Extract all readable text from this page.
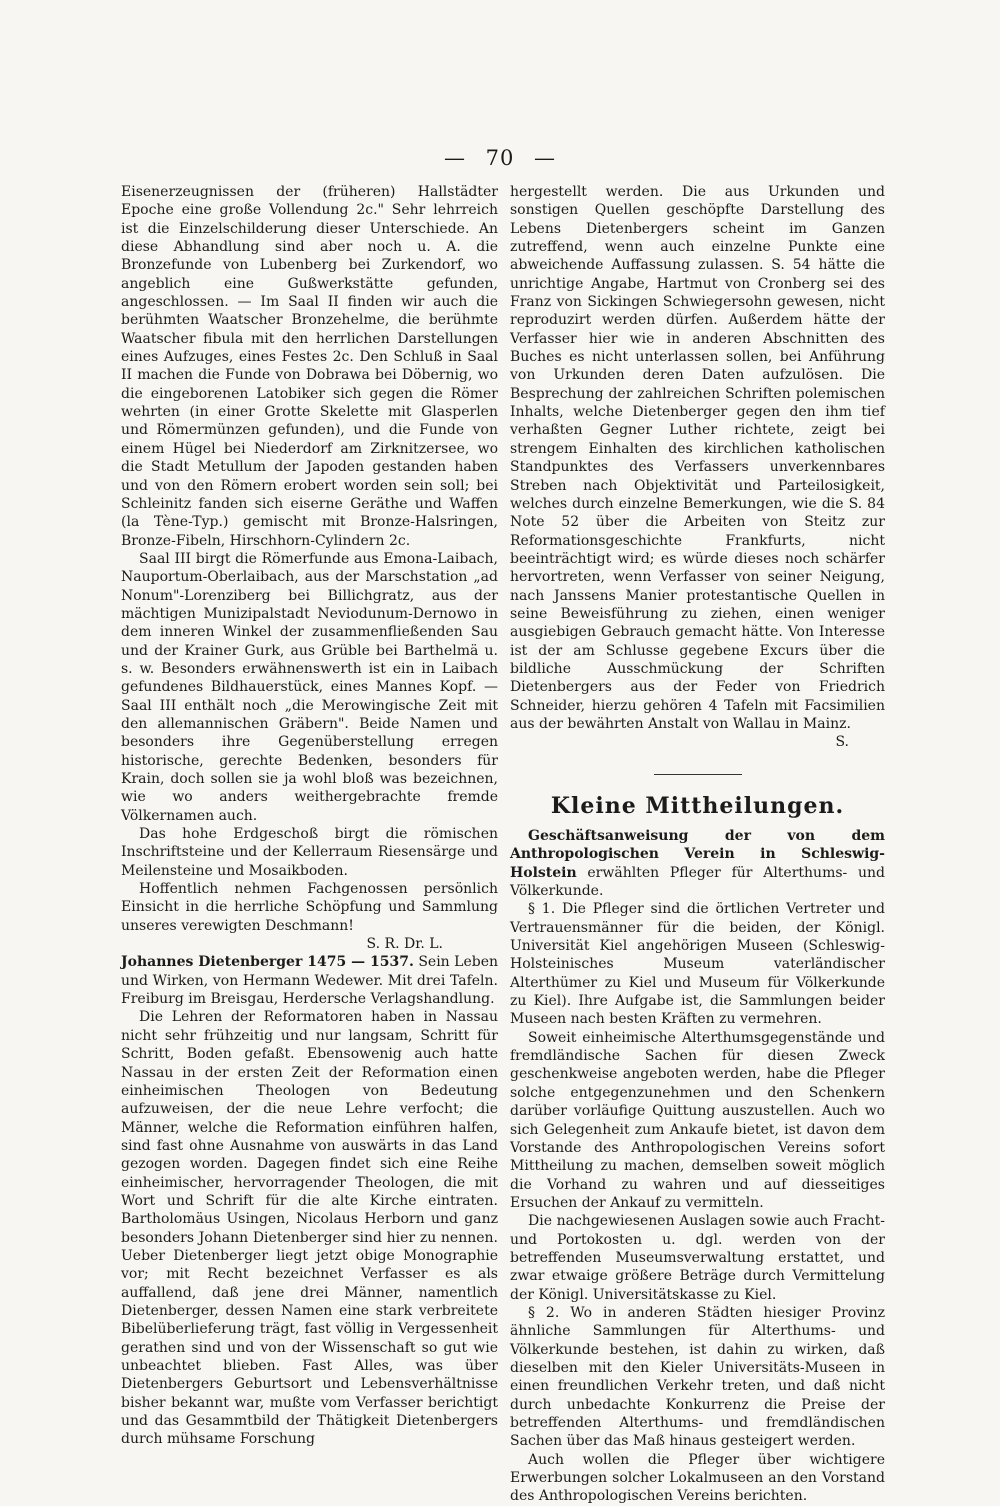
— 70 —

Eisenerzeugnissen der (früheren) Hallstädter Epoche eine große Vollendung 2c." Sehr lehrreich ist die Einzelschilderung dieser Unterschiede. An diese Abhandlung sind aber noch u. A. die Bronzefunde von Lubenberg bei Zurkendorf, wo angeblich eine Gußwerkstätte gefunden, angeschlossen. — Im Saal II finden wir auch die berühmten Waatscher Bronzehelme, die berühmte Waatscher fibula mit den herrlichen Darstellungen eines Aufzuges, eines Festes 2c. Den Schluß in Saal II machen die Funde von Dobrawa bei Döbernig, wo die eingeborenen Latobiker sich gegen die Römer wehrten (in einer Grotte Skelette mit Glasperlen und Römermünzen gefunden), und die Funde von einem Hügel bei Niederdorf am Zirknitzersee, wo die Stadt Metullum der Japoden gestanden haben und von den Römern erobert worden sein soll; bei Schleinitz fanden sich eiserne Geräthe und Waffen (la Tène-Typ.) gemischt mit Bronze-Halsringen, Bronze-Fibeln, Hirschhorn-Cylindern 2c.

Saal III birgt die Römerfunde aus Emona-Laibach, Nauportum-Oberlaibach, aus der Marschstation „ad Nonum"-Lorenziberg bei Billichgratz, aus der mächtigen Munizipalstadt Neviodunum-Dernowo in dem inneren Winkel der zusammenfließenden Sau und der Krainer Gurk, aus Grüble bei Barthelmä u. s. w. Besonders erwähnenswerth ist ein in Laibach gefundenes Bildhauerstück, eines Mannes Kopf. — Saal III enthält noch „die Merowingische Zeit mit den allemannischen Gräbern". Beide Namen und besonders ihre Gegenüberstellung erregen historische, gerechte Bedenken, besonders für Krain, doch sollen sie ja wohl bloß was bezeichnen, wie wo anders weithergebrachte fremde Völkernamen auch.

Das hohe Erdgeschoß birgt die römischen Inschriftsteine und der Kellerraum Riesensärge und Meilensteine und Mosaikboden.

Hoffentlich nehmen Fachgenossen persönlich Einsicht in die herrliche Schöpfung und Sammlung unseres verewigten Deschmann!

S. R. Dr. L.

Johannes Dietenberger 1475 — 1537. Sein Leben und Wirken, von Hermann Wedewer. Mit drei Tafeln. Freiburg im Breisgau, Herdersche Verlagshandlung.

Die Lehren der Reformatoren haben in Nassau nicht sehr frühzeitig und nur langsam, Schritt für Schritt, Boden gefaßt. Ebensowenig auch hatte Nassau in der ersten Zeit der Reformation einen einheimischen Theologen von Bedeutung aufzuweisen, der die neue Lehre verfocht; die Männer, welche die Reformation einführen halfen, sind fast ohne Ausnahme von auswärts in das Land gezogen worden. Dagegen findet sich eine Reihe einheimischer, hervorragender Theologen, die mit Wort und Schrift für die alte Kirche eintraten. Bartholomäus Usingen, Nicolaus Herborn und ganz besonders Johann Dietenberger sind hier zu nennen. Ueber Dietenberger liegt jetzt obige Monographie vor; mit Recht bezeichnet Verfasser es als auffallend, daß jene drei Männer, namentlich Dietenberger, dessen Namen eine stark verbreitete Bibelüberlieferung trägt, fast völlig in Vergessenheit gerathen sind und von der Wissenschaft so gut wie unbeachtet blieben. Fast Alles, was über Dietenbergers Geburtsort und Lebensverhältnisse bisher bekannt war, mußte vom Verfasser berichtigt und das Gesammtbild der Thätigkeit Dietenbergers durch mühsame Forschung

hergestellt werden. Die aus Urkunden und sonstigen Quellen geschöpfte Darstellung des Lebens Dietenbergers scheint im Ganzen zutreffend, wenn auch einzelne Punkte eine abweichende Auffassung zulassen. S. 54 hätte die unrichtige Angabe, Hartmut von Cronberg sei des Franz von Sickingen Schwiegersohn gewesen, nicht reproduzirt werden dürfen. Außerdem hätte der Verfasser hier wie in anderen Abschnitten des Buches es nicht unterlassen sollen, bei Anführung von Urkunden deren Daten aufzulösen. Die Besprechung der zahlreichen Schriften polemischen Inhalts, welche Dietenberger gegen den ihm tief verhaßten Gegner Luther richtete, zeigt bei strengem Einhalten des kirchlichen katholischen Standpunktes des Verfassers unverkennbares Streben nach Objektivität und Parteilosigkeit, welches durch einzelne Bemerkungen, wie die S. 84 Note 52 über die Arbeiten von Steitz zur Reformationsgeschichte Frankfurts, nicht beeinträchtigt wird; es würde dieses noch schärfer hervortreten, wenn Verfasser von seiner Neigung, nach Janssens Manier protestantische Quellen in seine Beweisführung zu ziehen, einen weniger ausgiebigen Gebrauch gemacht hätte. Von Interesse ist der am Schlusse gegebene Excurs über die bildliche Ausschmückung der Schriften Dietenbergers aus der Feder von Friedrich Schneider, hierzu gehören 4 Tafeln mit Facsimilien aus der bewährten Anstalt von Wallau in Mainz.

S.

Kleine Mittheilungen.

Geschäftsanweisung der von dem Anthropologischen Verein in Schleswig-Holstein erwählten Pfleger für Alterthums- und Völkerkunde.

§ 1. Die Pfleger sind die örtlichen Vertreter und Vertrauensmänner für die beiden, der Königl. Universität Kiel angehörigen Museen (Schleswig-Holsteinisches Museum vaterländischer Alterthümer zu Kiel und Museum für Völkerkunde zu Kiel). Ihre Aufgabe ist, die Sammlungen beider Museen nach besten Kräften zu vermehren.

Soweit einheimische Alterthumsgegenstände und fremdländische Sachen für diesen Zweck geschenkweise angeboten werden, habe die Pfleger solche entgegenzunehmen und den Schenkern darüber vorläufige Quittung auszustellen. Auch wo sich Gelegenheit zum Ankaufe bietet, ist davon dem Vorstande des Anthropologischen Vereins sofort Mittheilung zu machen, demselben soweit möglich die Vorhand zu wahren und auf diesseitiges Ersuchen der Ankauf zu vermitteln.

Die nachgewiesenen Auslagen sowie auch Fracht- und Portokosten u. dgl. werden von der betreffenden Museumsverwaltung erstattet, und zwar etwaige größere Beträge durch Vermittelung der Königl. Universitätskasse zu Kiel.

§ 2. Wo in anderen Städten hiesiger Provinz ähnliche Sammlungen für Alterthums- und Völkerkunde bestehen, ist dahin zu wirken, daß dieselben mit den Kieler Universitäts-Museen in einen freundlichen Verkehr treten, und daß nicht durch unbedachte Konkurrenz die Preise der betreffenden Alterthums- und fremdländischen Sachen über das Maß hinaus gesteigert werden.

Auch wollen die Pfleger über wichtigere Erwerbungen solcher Lokalmuseen an den Vorstand des Anthropologischen Vereins berichten.
